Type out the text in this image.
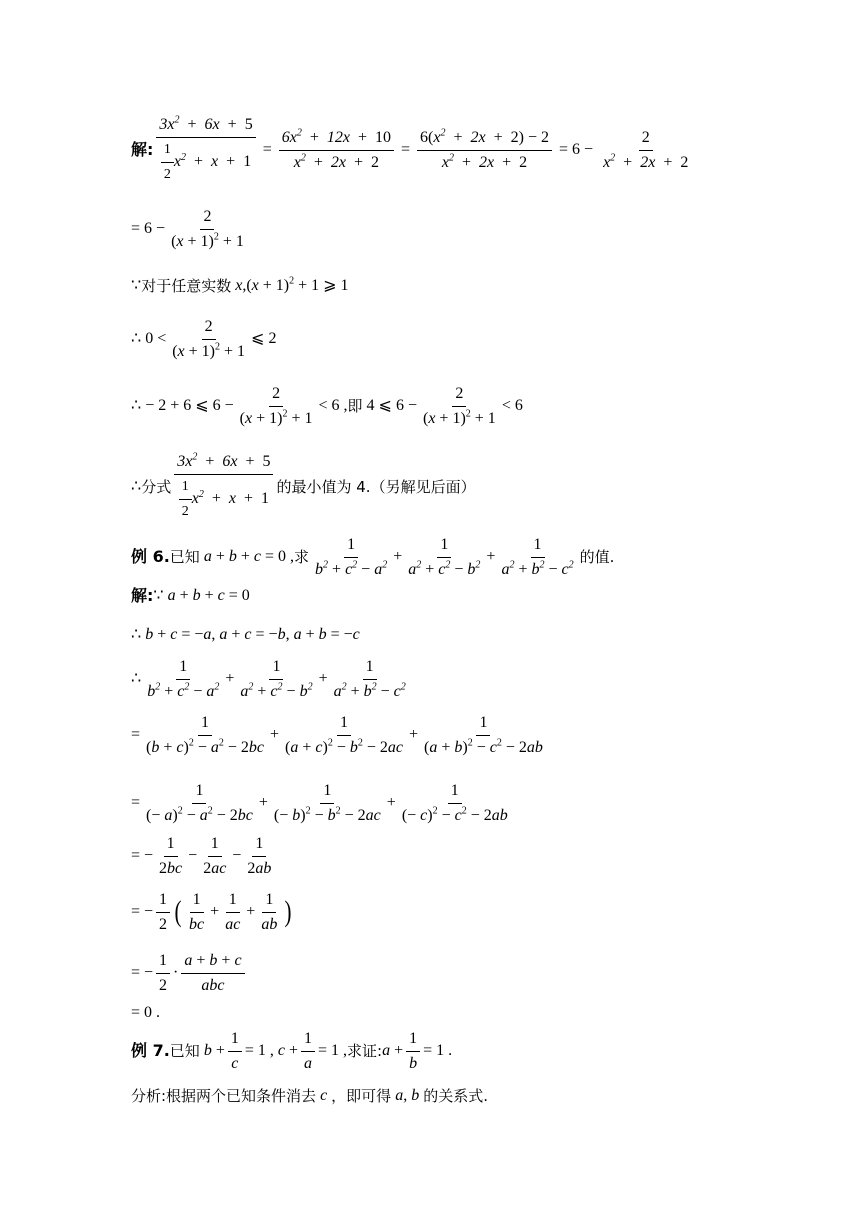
解: $\frac{3x^2 + 6x + 5}{\frac{1}{2} x^2 + x + 1} = \frac{6x^2 + 12x + 10}{x^2 + 2x + 2} = \frac{6(x^2 + 2x + 2) - 2}{x^2 + 2x + 2} = 6 - \frac{2}{x^2 + 2x + 2}$
= $6 - \frac{2}{(x + 1)^2 + 1}$
∵ 对于任意实数 x $,(x + 1)^2 + 1$ ⩾ 1
∴ $0 < \frac{2}{(x + 1)^2 + 1}$ ⩽ 2
∴ − 2 + 6 ⩽ $6 - \frac{2}{(x + 1)^2 + 1} < 6$ , 即 4 ⩽ $6 - \frac{2}{(x + 1)^2 + 1} < 6$
∴ 分式 $\frac{3x^2 + 6x + 5}{\frac{1}{2} x^2 + x + 1}$ 的最小值为 4.（另解见后面）
例 6. 已知 a + b + c = 0 , 求 $\frac{1}{b^2 + c^2 - a^2} + \frac{1}{a^2 + c^2 - b^2} + \frac{1}{a^2 + b^2 - c^2}$ 的值.
解: ∵ a + b + c = 0
∴ b + c = −a, a + c = −b, a + b = −c
∴ $\frac{1}{b^2 + c^2 - a^2} + \frac{1}{a^2 + c^2 - b^2} + \frac{1}{a^2 + b^2 - c^2}$
= $\frac{1}{(b + c)^2 - a^2 - 2bc} + \frac{1}{(a + c)^2 - b^2 - 2ac} + \frac{1}{(a + b)^2 - c^2 - 2ab}$
= $\frac{1}{(- a)^2 - a^2 - 2bc} + \frac{1}{(- b)^2 - b^2 - 2ac} + \frac{1}{(- c)^2 - c^2 - 2ab}$
= − $\frac{1}{2bc} - \frac{1}{2ac} - \frac{1}{2ab}$
= − $\frac{1}{2}$ ( $\frac{1}{bc} + \frac{1}{ac} + \frac{1}{ab}$ )
= − $\frac{1}{2} \cdot \frac{a + b + c}{\text{abc}}$
= 0 .
例 7. 已知 $b + \frac{1}{c} = 1$ , $c + \frac{1}{a} = 1$ , 求证: $a + \frac{1}{b} = 1$ .
分析:根据两个已知条件消去 c ，即可得 a, b 的关系式.
